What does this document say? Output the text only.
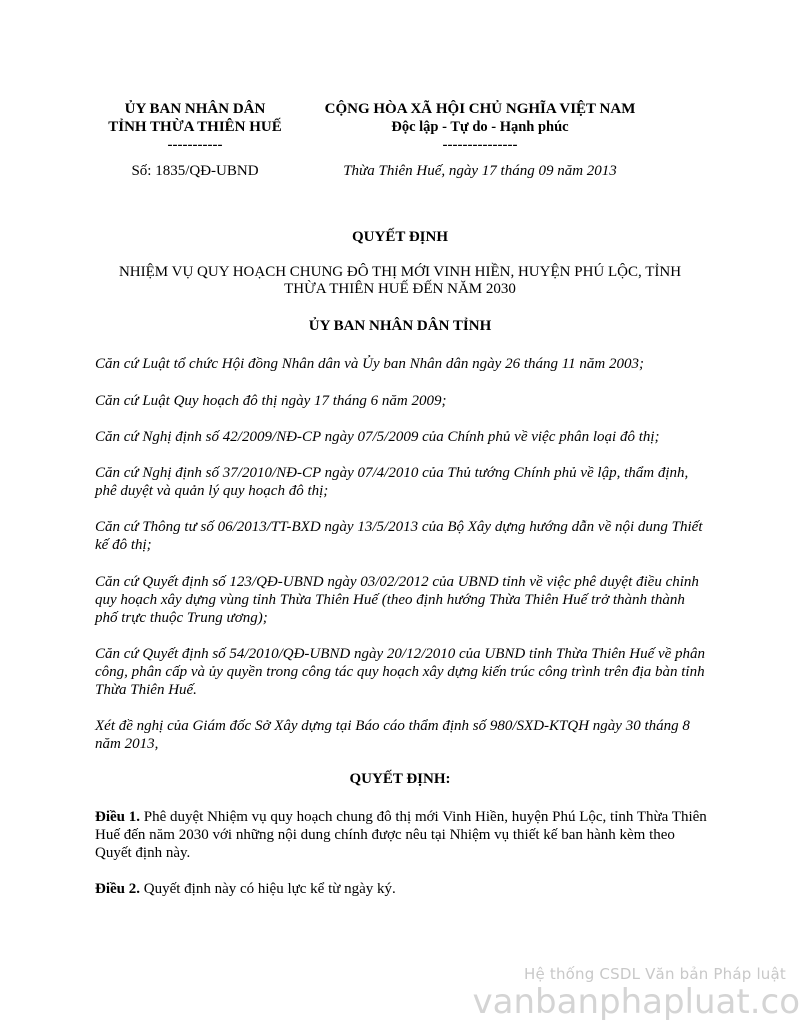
ỦY BAN NHÂN DÂN
TỈNH THỪA THIÊN HUẾ
-----------
CỘNG HÒA XÃ HỘI CHỦ NGHĨA VIỆT NAM
Độc lập - Tự do - Hạnh phúc
---------------
Số: 1835/QĐ-UBND	Thừa Thiên Huế, ngày 17 tháng 09 năm 2013
QUYẾT ĐỊNH
NHIỆM VỤ QUY HOẠCH CHUNG ĐÔ THỊ MỚI VINH HIỀN, HUYỆN PHÚ LỘC, TỈNH THỪA THIÊN HUẾ ĐẾN NĂM 2030
ỦY BAN NHÂN DÂN TỈNH
Căn cứ Luật tổ chức Hội đồng Nhân dân và Ủy ban Nhân dân ngày 26 tháng 11 năm 2003;
Căn cứ Luật Quy hoạch đô thị ngày 17 tháng 6 năm 2009;
Căn cứ Nghị định số 42/2009/NĐ-CP ngày 07/5/2009 của Chính phủ về việc phân loại đô thị;
Căn cứ Nghị định số 37/2010/NĐ-CP ngày 07/4/2010 của Thủ tướng Chính phủ về lập, thẩm định, phê duyệt và quản lý quy hoạch đô thị;
Căn cứ Thông tư số 06/2013/TT-BXD ngày 13/5/2013 của Bộ Xây dựng hướng dẫn về nội dung Thiết kế đô thị;
Căn cứ Quyết định số 123/QĐ-UBND ngày 03/02/2012 của UBND tỉnh về việc phê duyệt điều chỉnh quy hoạch xây dựng vùng tỉnh Thừa Thiên Huế (theo định hướng Thừa Thiên Huế trở thành thành phố trực thuộc Trung ương);
Căn cứ Quyết định số 54/2010/QĐ-UBND ngày 20/12/2010 của UBND tỉnh Thừa Thiên Huế về phân công, phân cấp và ủy quyền trong công tác quy hoạch xây dựng kiến trúc công trình trên địa bàn tỉnh Thừa Thiên Huế.
Xét đề nghị của Giám đốc Sở Xây dựng tại Báo cáo thẩm định số 980/SXD-KTQH ngày 30 tháng 8 năm 2013,
QUYẾT ĐỊNH:
Điều 1. Phê duyệt Nhiệm vụ quy hoạch chung đô thị mới Vinh Hiền, huyện Phú Lộc, tỉnh Thừa Thiên Huế đến năm 2030 với những nội dung chính được nêu tại Nhiệm vụ thiết kế ban hành kèm theo Quyết định này.
Điều 2. Quyết định này có hiệu lực kể từ ngày ký.
Hệ thống CSDL Văn bản Pháp luật
vanbanphapluat.co
